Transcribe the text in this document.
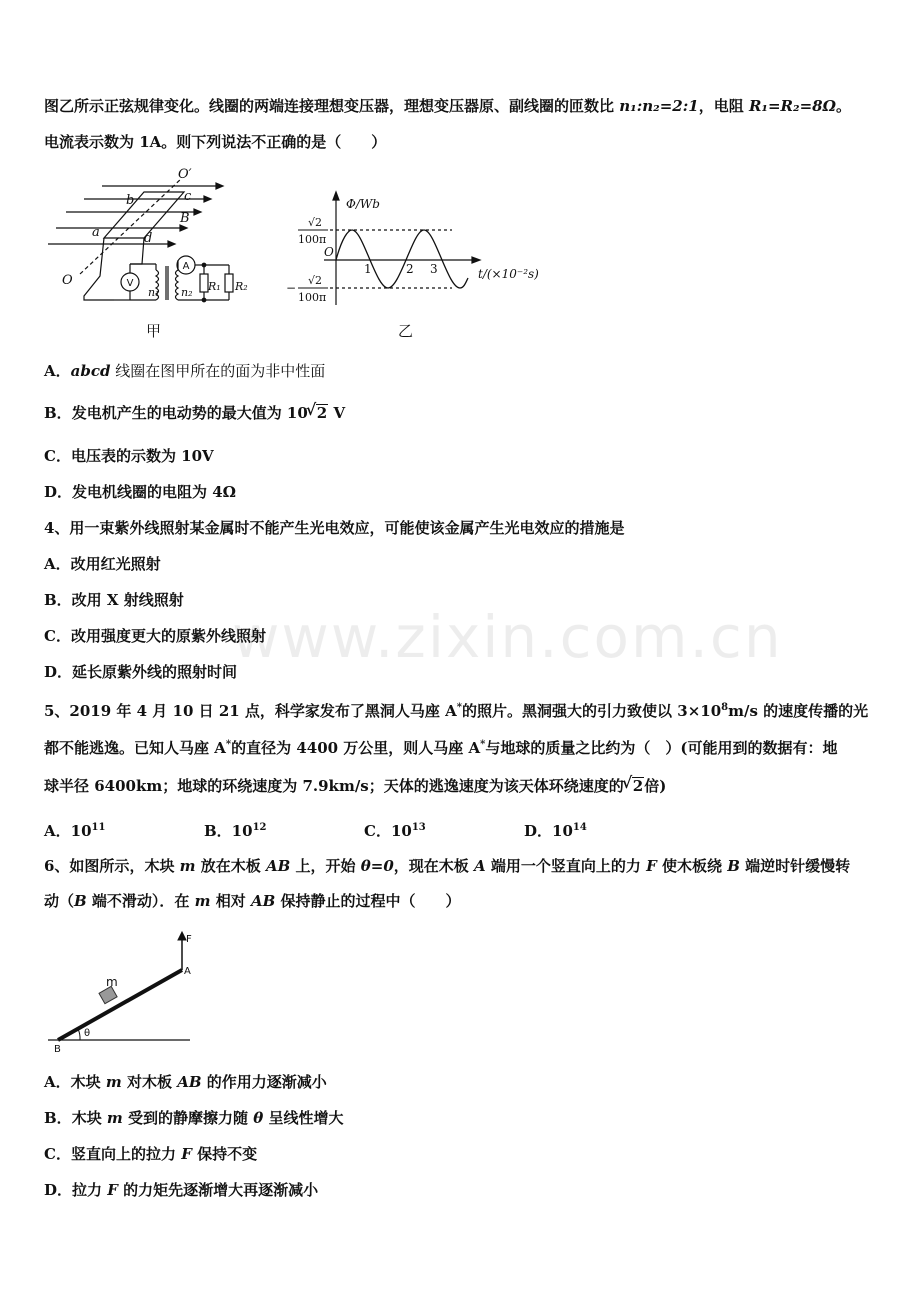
www.zixin.com.cn
图乙所示正弦规律变化。线圈的两端连接理想变压器，理想变压器原、副线圈的匝数比 n₁:n₂=2:1，电阻 R₁=R₂=8Ω。
电流表示数为 1A。则下列说法不正确的是（　　）
O′
c
b
B
a	d
O
n₁ n₂ R₁ R₂
V
A
甲
Φ/Wb
t/(×10⁻²s)
√2
100π
−
√2
100π
O
1	2 3
乙
A．abcd 线圈在图甲所在的面为非中性面
B．发电机产生的电动势的最大值为 10 √ 2 V
C．电压表的示数为 10V
D．发电机线圈的电阻为 4Ω
4、用一束紫外线照射某金属时不能产生光电效应，可能使该金属产生光电效应的措施是
A．改用红光照射
B．改用 X 射线照射
C．改用强度更大的原紫外线照射
D．延长原紫外线的照射时间
5、2019 年 4 月 10 日 21 点，科学家发布了黑洞人马座 A*的照片。黑洞强大的引力致使以 $3\times 10^8m/s$ 的速度传播的光
都不能逃逸。已知人马座 A*的直径为 4400 万公里，则人马座 A*与地球的质量之比约为（　）(可能用到的数据有：地
球半径 6400km；地球的环绕速度为 7.9km/s；天体的逃逸速度为该天体环绕速度的 √ 2倍)
A．$10^{11}$	B．$10^{12}$	C．$10^{13}$	D．$10^{14}$
6、如图所示，木块 m 放在木板 AB 上，开始 θ=0，现在木板 A 端用一个竖直向上的力 F 使木板绕 B 端逆时针缓慢转
动（B 端不滑动）．在 m 相对 AB 保持静止的过程中（　　）
F
A
m
θ
B
A．木块 m 对木板 AB 的作用力逐渐减小
B．木块 m 受到的静摩擦力随 θ 呈线性增大
C．竖直向上的拉力 F 保持不变
D．拉力 F 的力矩先逐渐增大再逐渐减小
